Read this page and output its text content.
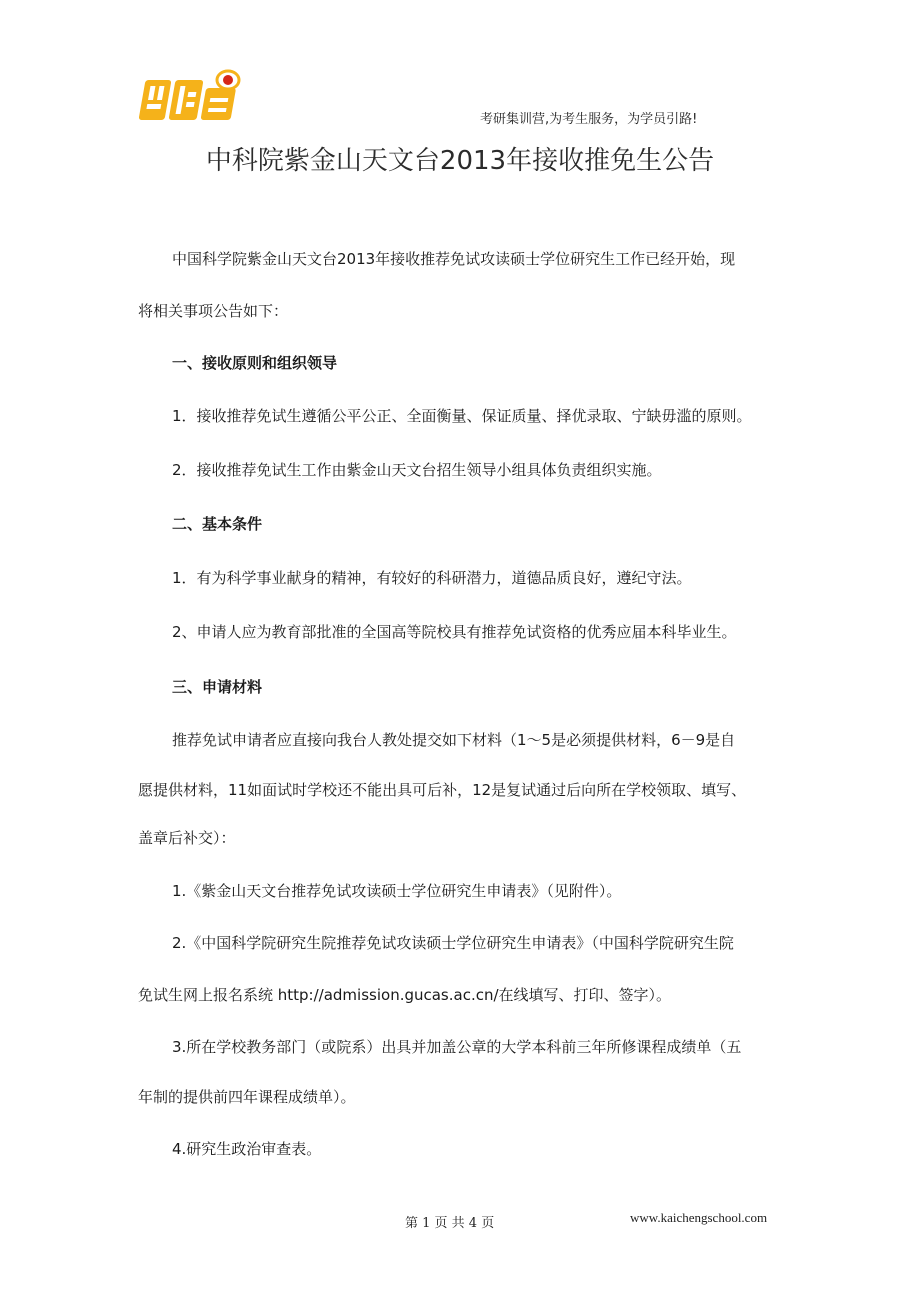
考研集训营,为考生服务，为学员引路!
中科院紫金山天文台2013年接收推免生公告
中国科学院紫金山天文台2013年接收推荐免试攻读硕士学位研究生工作已经开始，现
将相关事项公告如下：
一、接收原则和组织领导
1．接收推荐免试生遵循公平公正、全面衡量、保证质量、择优录取、宁缺毋滥的原则。
2．接收推荐免试生工作由紫金山天文台招生领导小组具体负责组织实施。
二、基本条件
1．有为科学事业献身的精神，有较好的科研潜力，道德品质良好，遵纪守法。
2、申请人应为教育部批准的全国高等院校具有推荐免试资格的优秀应届本科毕业生。
三、申请材料
推荐免试申请者应直接向我台人教处提交如下材料（1～5是必须提供材料，6－9是自
愿提供材料，11如面试时学校还不能出具可后补，12是复试通过后向所在学校领取、填写、
盖章后补交）：
1.《紫金山天文台推荐免试攻读硕士学位研究生申请表》（见附件）。
2.《中国科学院研究生院推荐免试攻读硕士学位研究生申请表》（中国科学院研究生院
免试生网上报名系统 http://admission.gucas.ac.cn/在线填写、打印、签字）。
3.所在学校教务部门（或院系）出具并加盖公章的大学本科前三年所修课程成绩单（五
年制的提供前四年课程成绩单）。
4.研究生政治审查表。
第 1 页 共 4 页	www.kaichengschool.com
